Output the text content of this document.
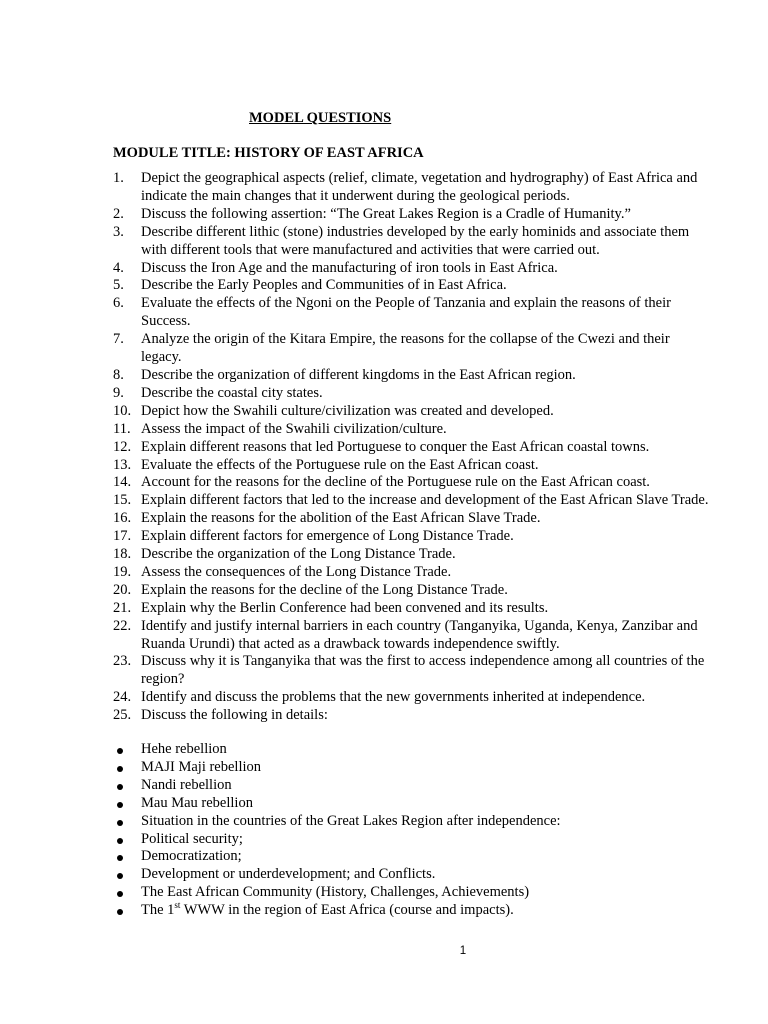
MODEL QUESTIONS
MODULE TITLE: HISTORY OF EAST AFRICA
1.	Depict the geographical aspects (relief, climate, vegetation and hydrography) of East Africa and indicate the main changes that it underwent during the geological periods.
2.	Discuss the following assertion: “The Great Lakes Region is a Cradle of Humanity.”
3.	Describe different lithic (stone) industries developed by the early hominids and associate them with different tools that were manufactured and activities that were carried out.
4.	Discuss the Iron Age and the manufacturing of iron tools in East Africa.
5.	Describe the Early Peoples and Communities of in East Africa.
6.	Evaluate the effects of the Ngoni on the People of Tanzania and explain the reasons of their Success.
7.	Analyze the origin of the Kitara Empire, the reasons for the collapse of the Cwezi and their legacy.
8.	Describe the organization of different kingdoms in the East African region.
9.	Describe the coastal city states.
10. Depict how the Swahili culture/civilization was created and developed.
11. Assess the impact of the Swahili civilization/culture.
12. Explain different reasons that led Portuguese to conquer the East African coastal towns.
13. Evaluate the effects of the Portuguese rule on the East African coast.
14. Account for the reasons for the decline of the Portuguese rule on the East African coast.
15. Explain different factors that led to the increase and development of the East African Slave Trade.
16. Explain the reasons for the abolition of the East African Slave Trade.
17. Explain different factors for emergence of Long Distance Trade.
18. Describe the organization of the Long Distance Trade.
19. Assess the consequences of the Long Distance Trade.
20. Explain the reasons for the decline of the Long Distance Trade.
21. Explain why the Berlin Conference had been convened and its results.
22. Identify and justify internal barriers in each country (Tanganyika, Uganda, Kenya, Zanzibar and Ruanda Urundi) that acted as a drawback towards independence swiftly.
23. Discuss why it is Tanganyika that was the first to access independence among all countries of the region?
24. Identify and discuss the problems that the new governments inherited at independence.
25. Discuss the following in details:
Hehe rebellion
MAJI Maji rebellion
Nandi rebellion
Mau Mau rebellion
Situation in the countries of the Great Lakes Region after independence:
Political security;
Democratization;
Development or underdevelopment; and Conflicts.
The East African Community (History, Challenges, Achievements)
The 1st WWW in the region of East Africa (course and impacts).
1
